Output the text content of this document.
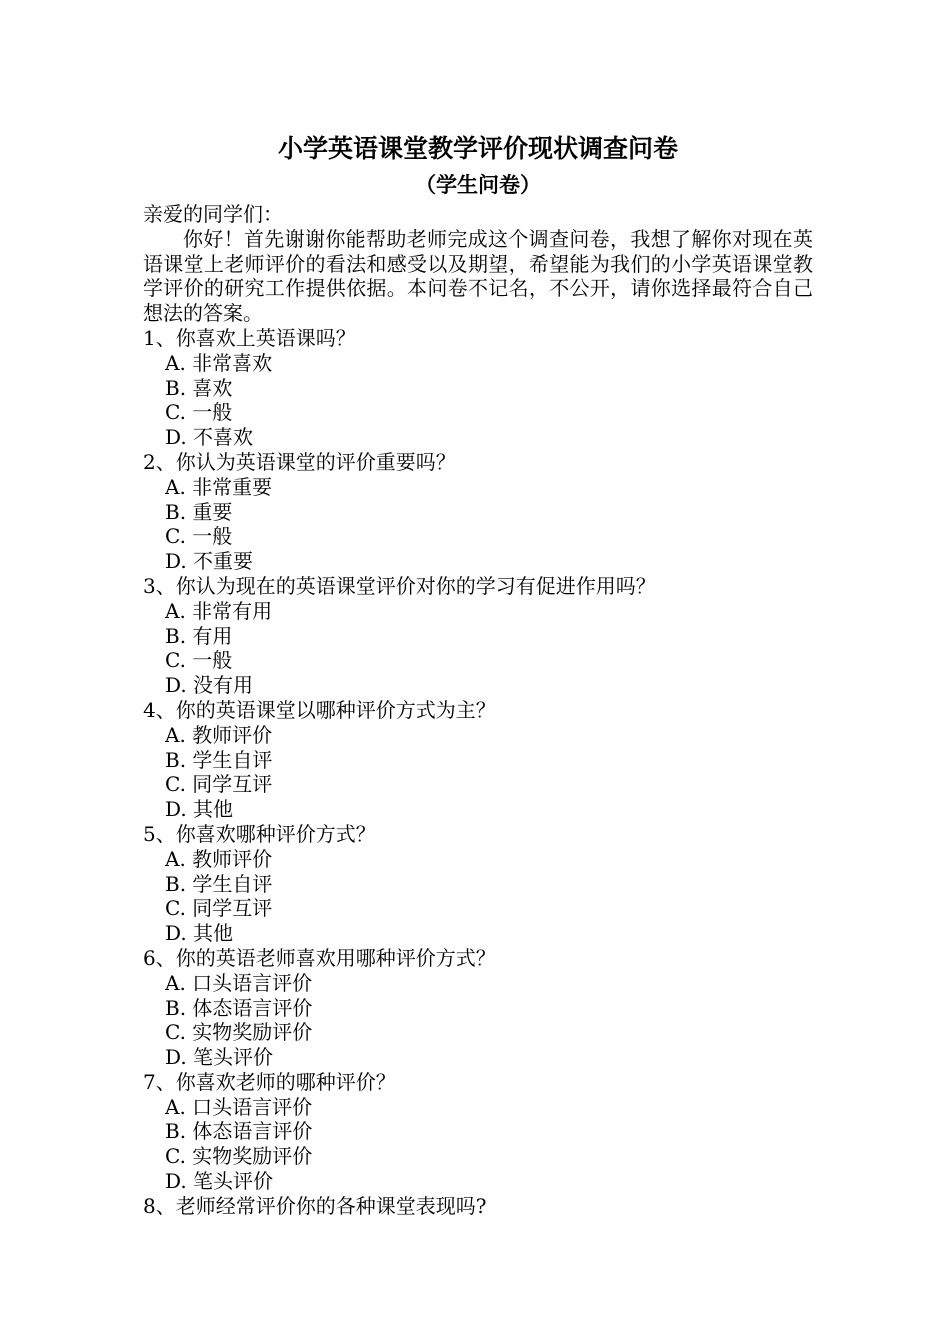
小学英语课堂教学评价现状调查问卷
（学生问卷）
亲爱的同学们：
你好！首先谢谢你能帮助老师完成这个调查问卷，我想了解你对现在英语课堂上老师评价的看法和感受以及期望，希望能为我们的小学英语课堂教学评价的研究工作提供依据。本问卷不记名，不公开，请你选择最符合自己想法的答案。
1、你喜欢上英语课吗？
A. 非常喜欢
B. 喜欢
C. 一般
D. 不喜欢
2、你认为英语课堂的评价重要吗？
A. 非常重要
B. 重要
C. 一般
D. 不重要
3、你认为现在的英语课堂评价对你的学习有促进作用吗？
A. 非常有用
B. 有用
C. 一般
D. 没有用
4、你的英语课堂以哪种评价方式为主？
A. 教师评价
B. 学生自评
C. 同学互评
D. 其他
5、你喜欢哪种评价方式？
A. 教师评价
B. 学生自评
C. 同学互评
D. 其他
6、你的英语老师喜欢用哪种评价方式？
A. 口头语言评价
B. 体态语言评价
C. 实物奖励评价
D. 笔头评价
7、你喜欢老师的哪种评价？
A. 口头语言评价
B. 体态语言评价
C. 实物奖励评价
D. 笔头评价
8、老师经常评价你的各种课堂表现吗?
